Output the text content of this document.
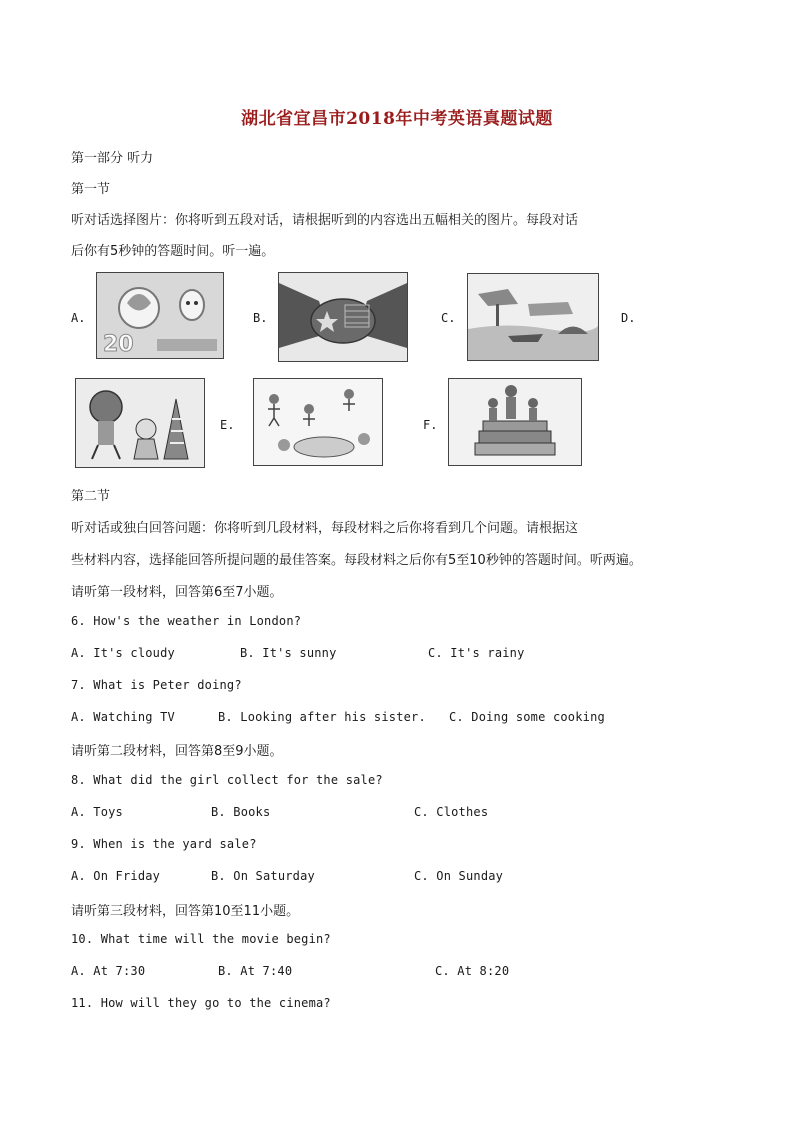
湖北省宜昌市2018年中考英语真题试题
第一部分 听力
第一节
听对话选择图片：你将听到五段对话，请根据听到的内容选出五幅相关的图片。每段对话
后你有5秒钟的答题时间。听一遍。
A.
20
B.	C.	D.
E.	F.
第二节
听对话或独白回答问题：你将听到几段材料，每段材料之后你将看到几个问题。请根据这
些材料内容，选择能回答所提问题的最佳答案。每段材料之后你有5至10秒钟的答题时间。听两遍。
请听第一段材料，回答第6至7小题。
6. How's the weather in London?
A. It's cloudy	B. It's sunny	C. It's rainy
7. What is Peter doing?
A. Watching TV	B. Looking after his sister. C. Doing some cooking
请听第二段材料，回答第8至9小题。
8. What did the girl collect for the sale?
A. Toys	B. Books	C. Clothes
9. When is the yard sale?
A. On Friday	B. On Saturday	C. On Sunday
请听第三段材料，回答第10至11小题。
10. What time will the movie begin?
A. At 7:30	B. At 7:40	C. At 8:20
11. How will they go to the cinema?
